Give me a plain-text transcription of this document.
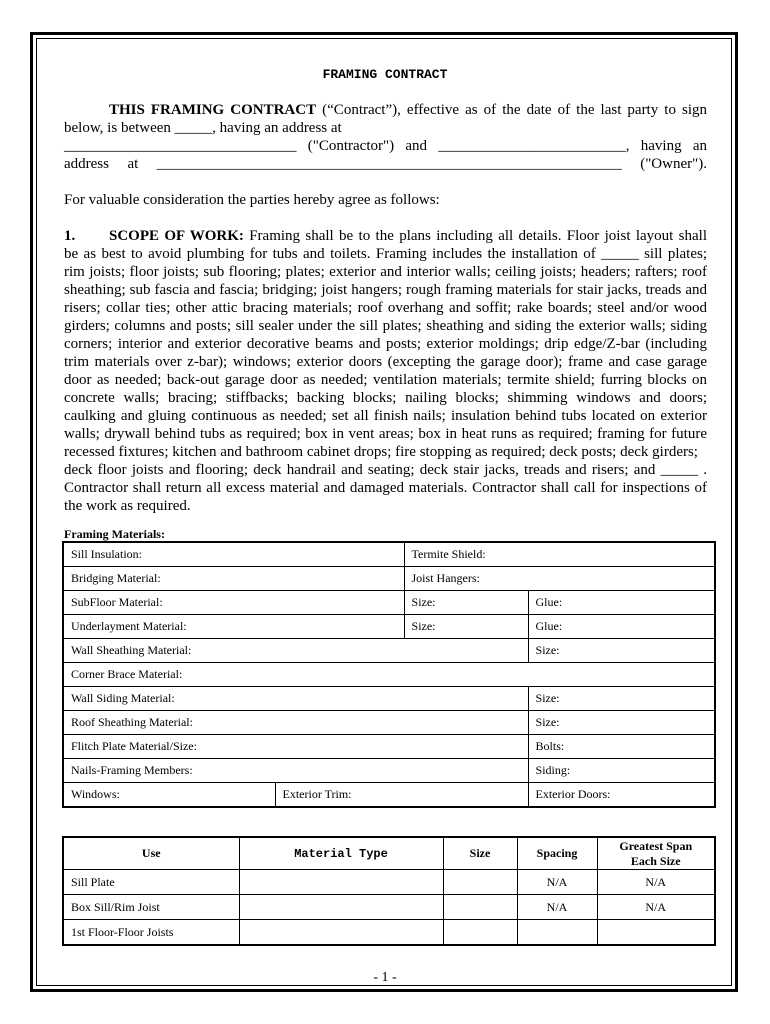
FRAMING CONTRACT

THIS FRAMING CONTRACT (“Contract”), effective as of the date of the last party to sign

below, is between _____, having an address at

_______________________________ ("Contractor") and _________________________, having an

address at ______________________________________________________________ ("Owner").

For valuable consideration the parties hereby agree as follows:

1. SCOPE OF WORK: Framing shall be to the plans including all details. Floor joist layout shall

be as best to avoid plumbing for tubs and toilets. Framing includes the installation of _____ sill plates;

rim joists; floor joists; sub flooring; plates; exterior and interior walls; ceiling joists; headers; rafters; roof sheathing; sub fascia and fascia; bridging; joist hangers; rough framing materials for stair jacks, treads and risers; collar ties; other attic bracing materials; roof overhang and soffit; rake boards; steel and/or wood girders; columns and posts; sill sealer under the sill plates; sheathing and siding the exterior walls; siding corners; interior and exterior decorative beams and posts; exterior moldings; drip edge/Z-bar (including trim materials over z-bar); windows; exterior doors (excepting the garage door); frame and case garage door as needed; back-out garage door as needed; ventilation materials; termite shield; furring blocks on concrete walls; bracing; stiffbacks; backing blocks; nailing blocks; shimming windows and doors; caulking and gluing continuous as needed; set all finish nails; insulation behind tubs located on exterior walls; drywall behind tubs as required; box in vent areas; box in heat runs as required; framing for future recessed fixtures; kitchen and bathroom cabinet drops; fire stopping as required; deck posts; deck girders;

deck floor joists and flooring; deck handrail and seating; deck stair jacks, treads and risers; and _____ .

Contractor shall return all excess material and damaged materials. Contractor shall call for inspections of the work as required.

Framing Materials:
Sill Insulation:		Termite Shield:	
Bridging Material:		Joist Hangers:	
SubFloor Material:		Size:	Glue:
Underlayment Material:		Size:	Glue:
Wall Sheathing Material:			Size:
Corner Brace Material:			
Wall Siding Material:			Size:
Roof Sheathing Material:			Size:
Flitch Plate Material/Size:			Bolts:
Nails-Framing Members:			Siding:
Windows:	Exterior Trim:		Exterior Doors:
Use	Material Type	Size	Spacing	Greatest Span
Each Size
Sill Plate			N/A	N/A
Box Sill/Rim Joist			N/A	N/A
1st Floor-Floor Joists				
- 1 -
